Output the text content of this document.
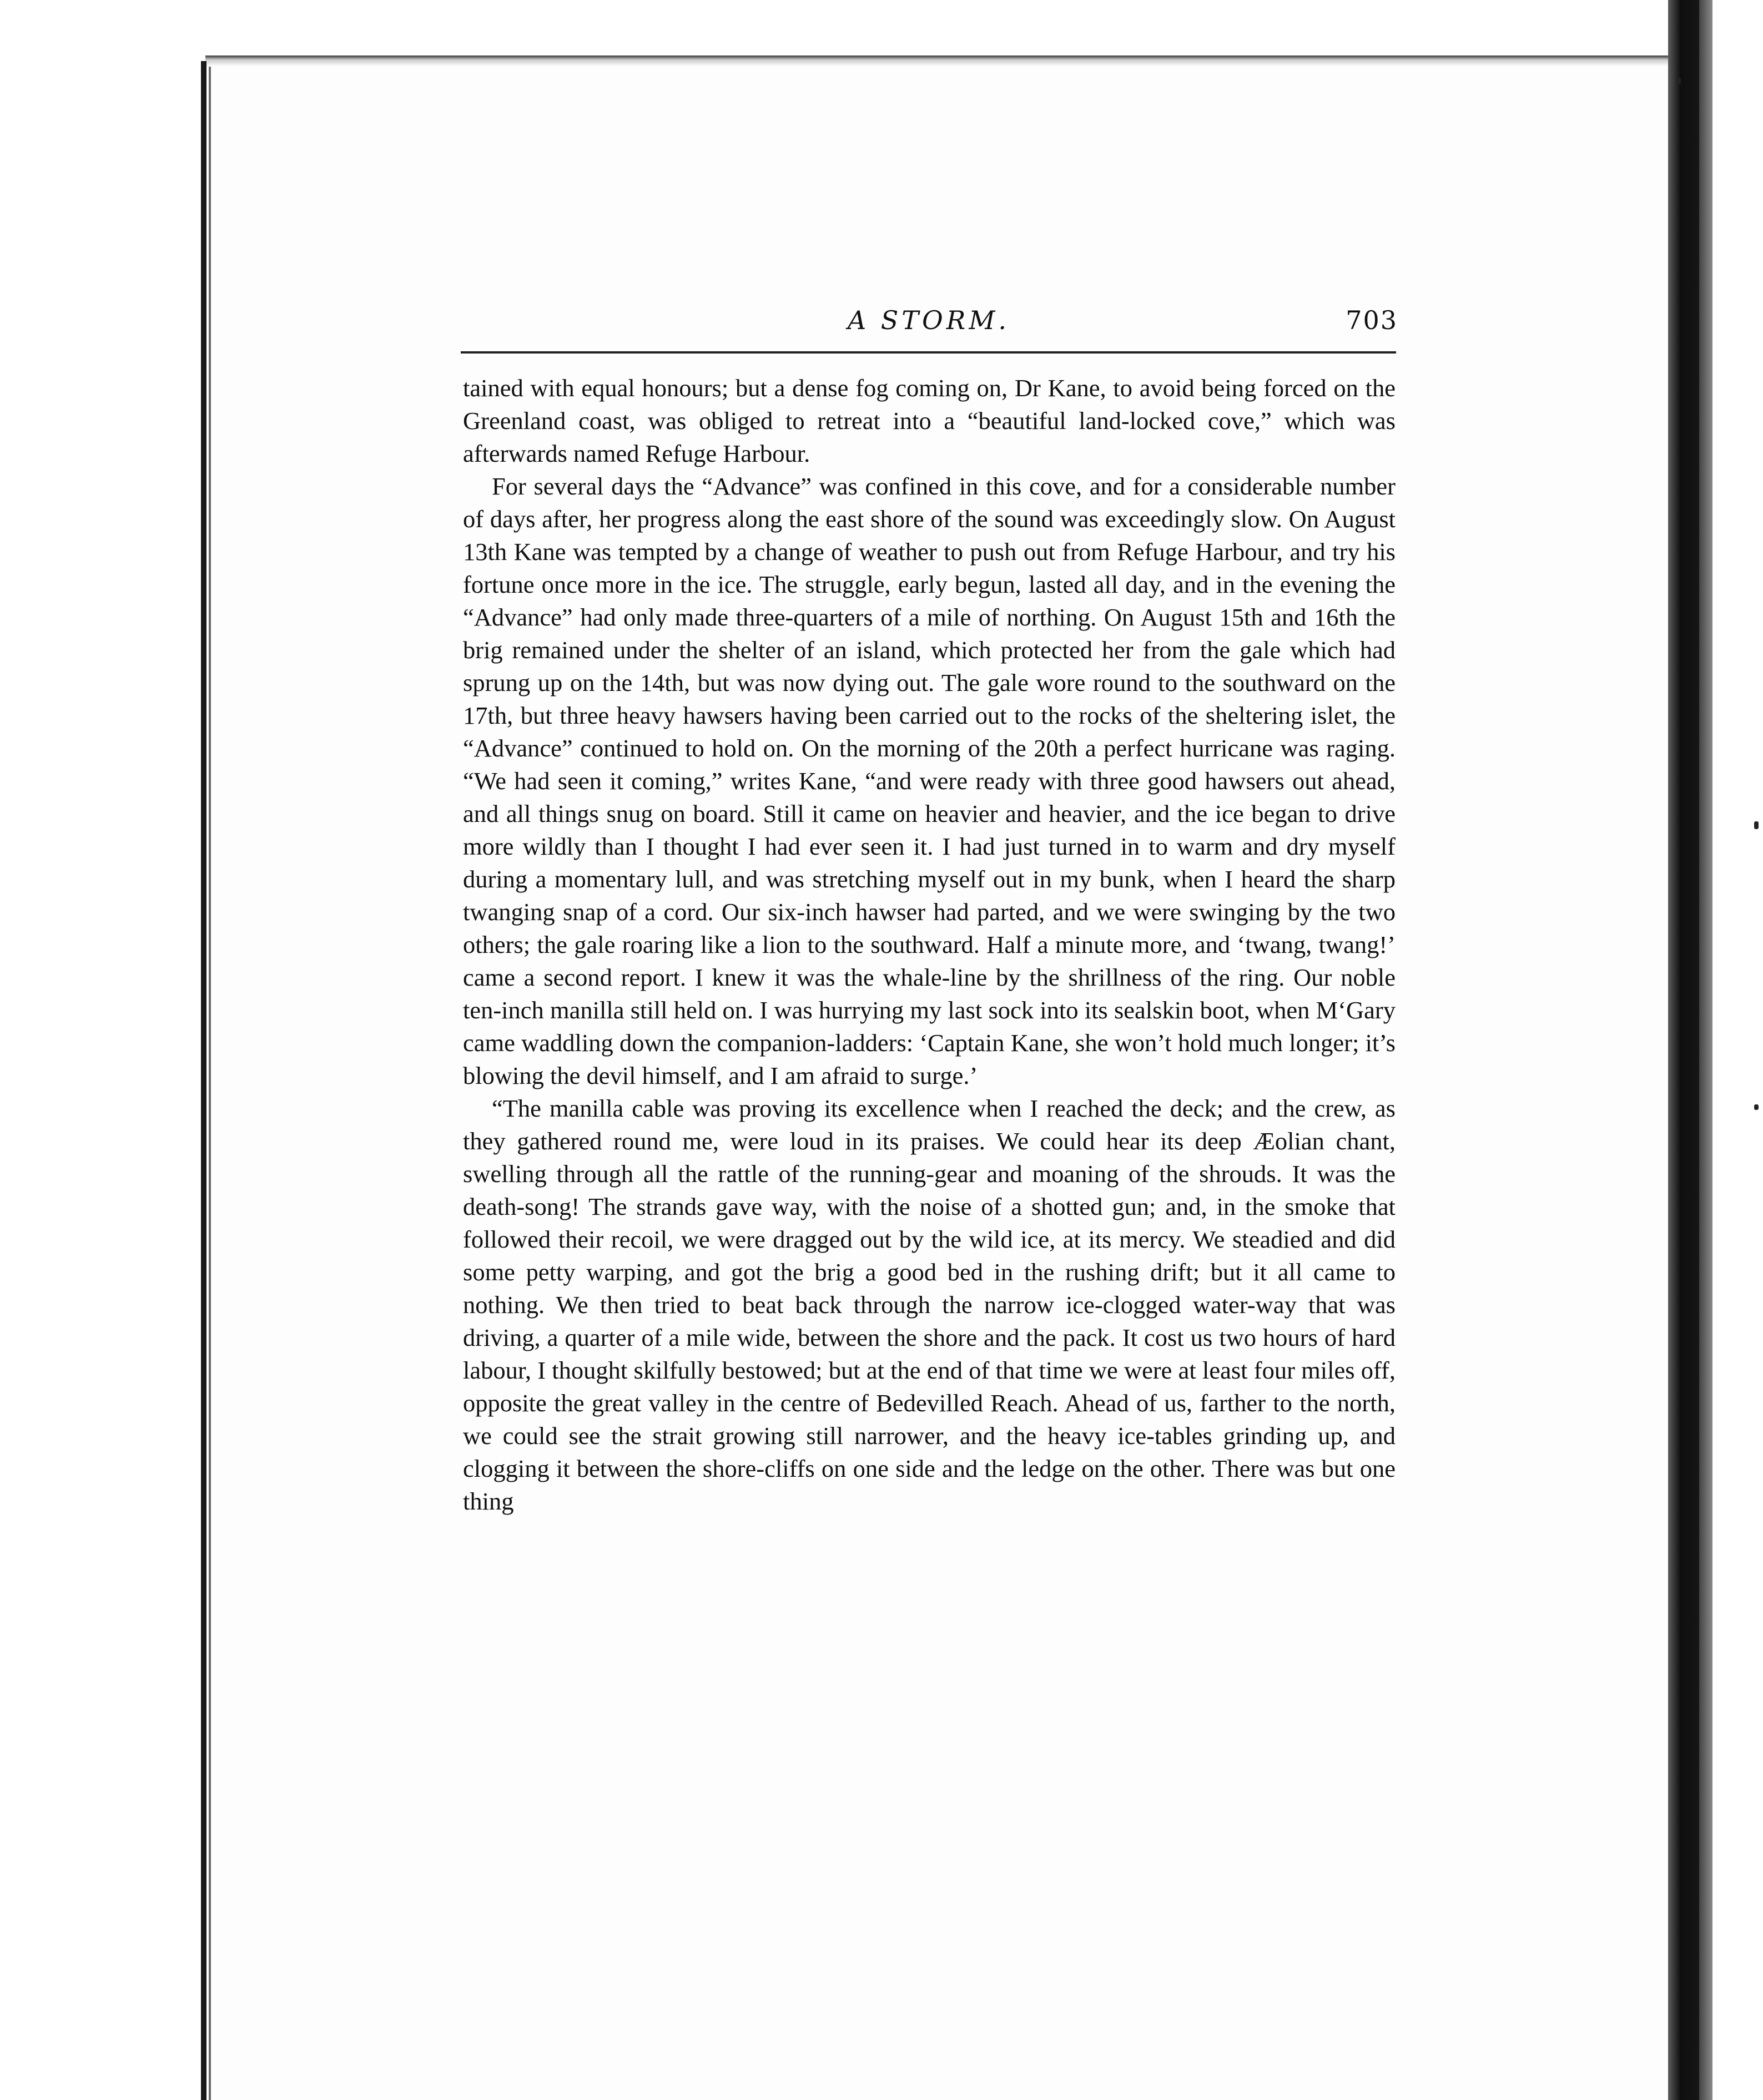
A STORM.	703

tained with equal honours; but a dense fog coming on, Dr Kane, to avoid being forced on the Greenland coast, was obliged to retreat into a “beautiful land-locked cove,” which was afterwards named Refuge Harbour.

For several days the “Advance” was confined in this cove, and for a considerable number of days after, her progress along the east shore of the sound was exceedingly slow. On August 13th Kane was tempted by a change of weather to push out from Refuge Harbour, and try his fortune once more in the ice. The struggle, early begun, lasted all day, and in the evening the “Advance” had only made three-quarters of a mile of northing. On August 15th and 16th the brig remained under the shelter of an island, which protected her from the gale which had sprung up on the 14th, but was now dying out. The gale wore round to the southward on the 17th, but three heavy hawsers having been carried out to the rocks of the sheltering islet, the “Advance” continued to hold on. On the morning of the 20th a perfect hurricane was raging. “We had seen it coming,” writes Kane, “and were ready with three good hawsers out ahead, and all things snug on board. Still it came on heavier and heavier, and the ice began to drive more wildly than I thought I had ever seen it. I had just turned in to warm and dry myself during a momentary lull, and was stretching myself out in my bunk, when I heard the sharp twanging snap of a cord. Our six-inch hawser had parted, and we were swinging by the two others; the gale roaring like a lion to the southward. Half a minute more, and ‘twang, twang!’ came a second report. I knew it was the whale-line by the shrillness of the ring. Our noble ten-inch manilla still held on. I was hurrying my last sock into its sealskin boot, when M‘Gary came waddling down the companion-ladders: ‘Captain Kane, she won’t hold much longer; it’s blowing the devil himself, and I am afraid to surge.’

“The manilla cable was proving its excellence when I reached the deck; and the crew, as they gathered round me, were loud in its praises. We could hear its deep Æolian chant, swelling through all the rattle of the running-gear and moaning of the shrouds. It was the death-song! The strands gave way, with the noise of a shotted gun; and, in the smoke that followed their recoil, we were dragged out by the wild ice, at its mercy. We steadied and did some petty warping, and got the brig a good bed in the rushing drift; but it all came to nothing. We then tried to beat back through the narrow ice-clogged water-way that was driving, a quarter of a mile wide, between the shore and the pack. It cost us two hours of hard labour, I thought skilfully bestowed; but at the end of that time we were at least four miles off, opposite the great valley in the centre of Bedevilled Reach. Ahead of us, farther to the north, we could see the strait growing still narrower, and the heavy ice-tables grinding up, and clogging it between the shore-cliffs on one side and the ledge on the other. There was but one thing
